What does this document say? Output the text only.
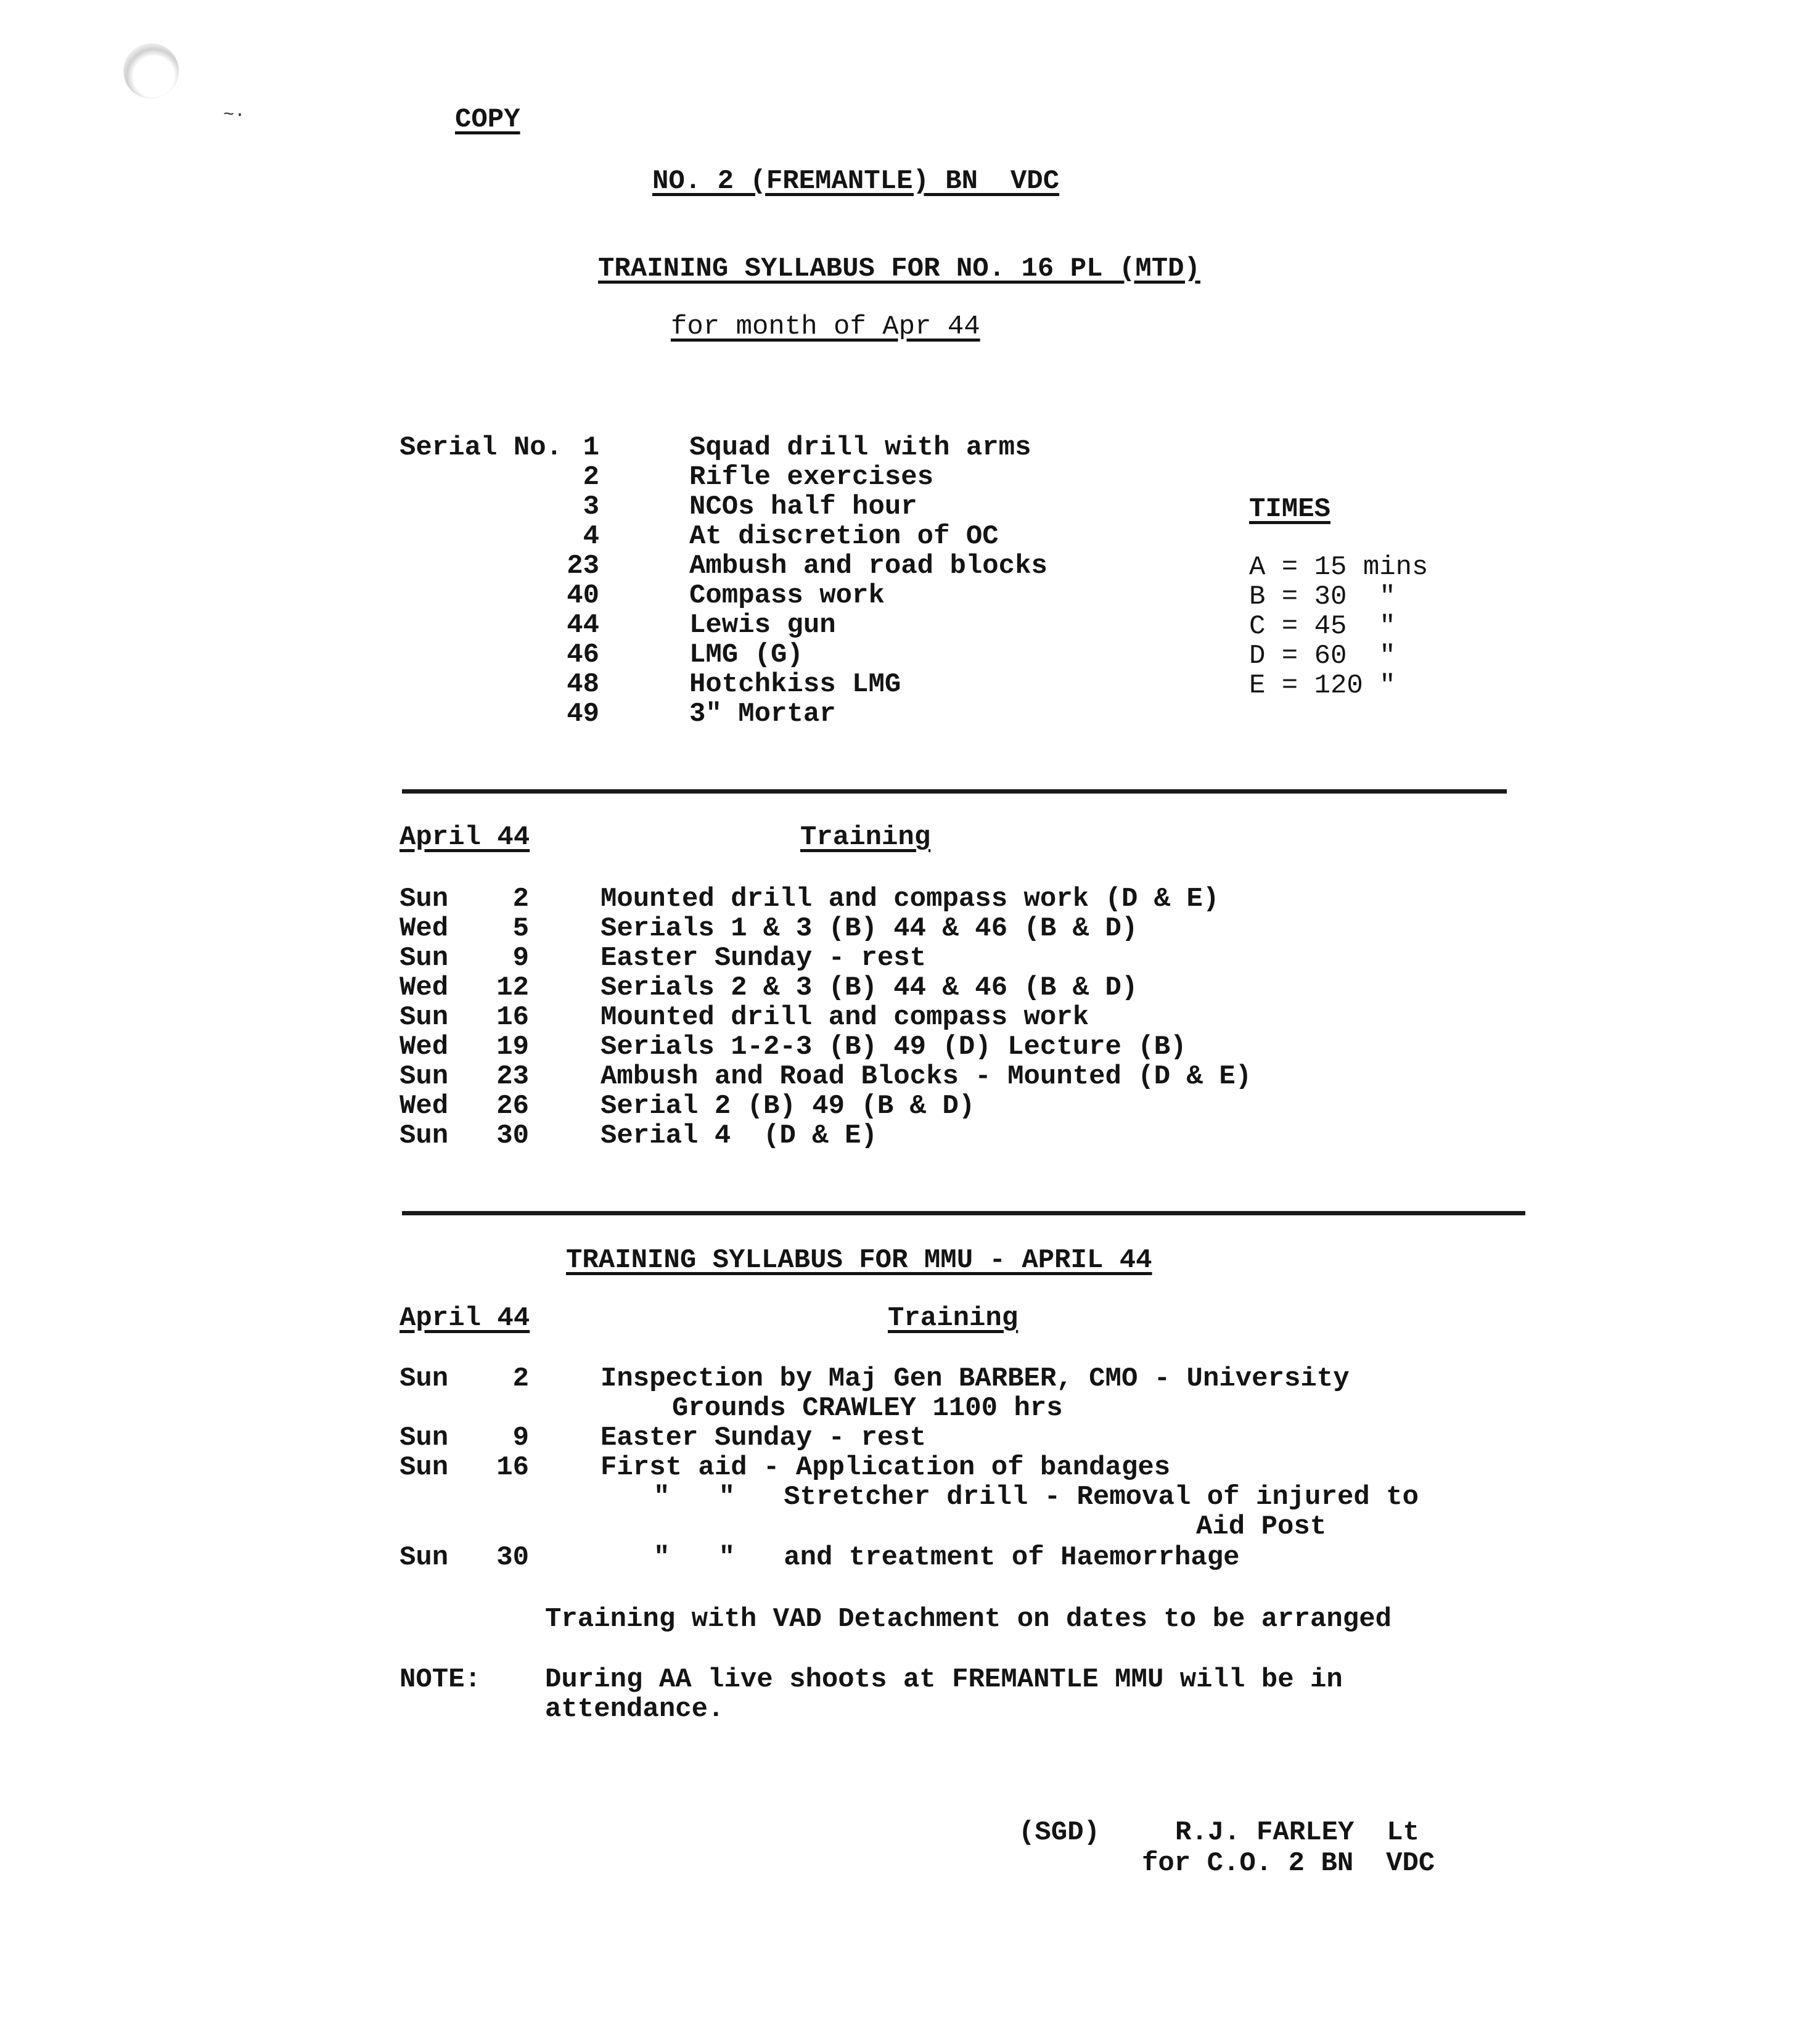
~·	COPY
NO. 2 (FREMANTLE) BN  VDC
TRAINING SYLLABUS FOR NO. 16 PL (MTD)
for month of Apr 44
Serial No. 1	Squad drill with arms
2	Rifle exercises
3	NCOs half hour
4	At discretion of OC
23	Ambush and road blocks
40	Compass work
44	Lewis gun
46	LMG (G)
48	Hotchkiss LMG
49	3" Mortar
TIMES
A = 15 mins
B = 30  "
C = 45  "
D = 60  "
E = 120 "
April 44	Training
Sun 2	Mounted drill and compass work (D & E)
Wed 5	Serials 1 & 3 (B) 44 & 46 (B & D)
Sun 9	Easter Sunday - rest
Wed 12	Serials 2 & 3 (B) 44 & 46 (B & D)
Sun 16	Mounted drill and compass work
Wed 19	Serials 1-2-3 (B) 49 (D) Lecture (B)
Sun 23	Ambush and Road Blocks - Mounted (D & E)
Wed 26	Serial 2 (B) 49 (B & D)
Sun 30	Serial 4  (D & E)
TRAINING SYLLABUS FOR MMU - APRIL 44
April 44	Training
Sun 2	Inspection by Maj Gen BARBER, CMO - University
Grounds CRAWLEY 1100 hrs
Sun 9	Easter Sunday - rest
Sun 16	First aid - Application of bandages
"   "   Stretcher drill - Removal of injured to
Aid Post
Sun 30	"   "   and treatment of Haemorrhage
Training with VAD Detachment on dates to be arranged
NOTE: During AA live shoots at FREMANTLE MMU will be in
attendance.
(SGD)	R.J. FARLEY  Lt
for C.O. 2 BN  VDC
